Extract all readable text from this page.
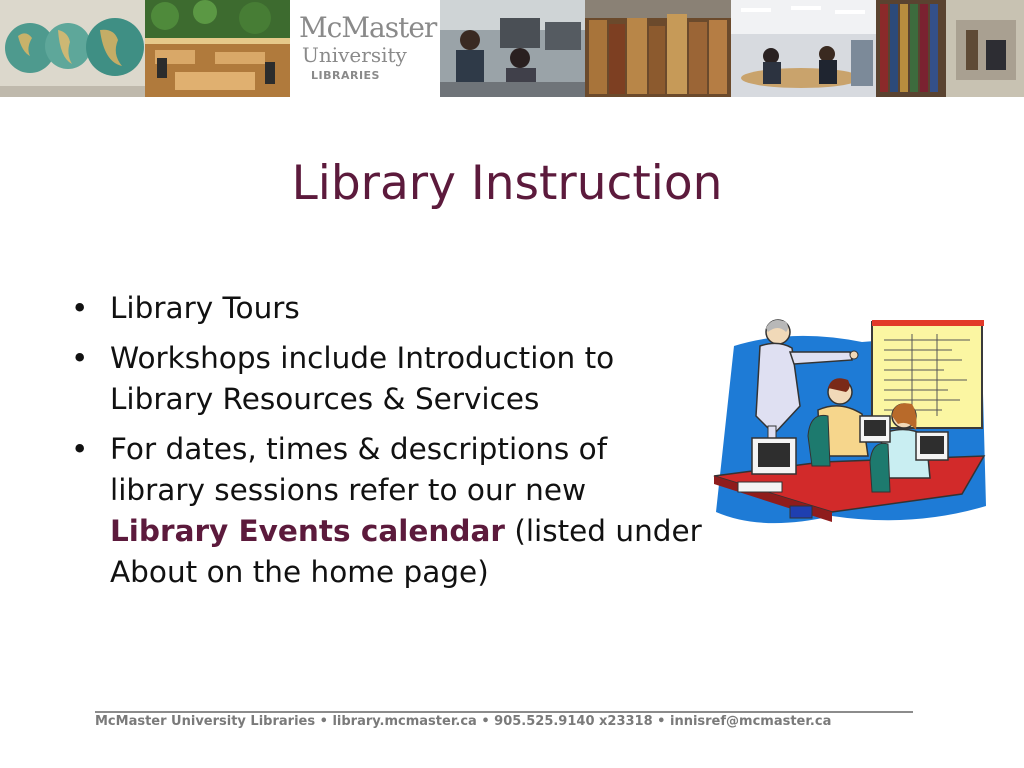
McMaster
University
LIBRARIES
Library Instruction
• Library Tours
• Workshops include Introduction to Library Resources & Services
• For dates, times & descriptions of library sessions refer to our new Library Events calendar (listed under About on the home page)
McMaster University Libraries • library.mcmaster.ca • 905.525.9140 x23318 • innisref@mcmaster.ca
